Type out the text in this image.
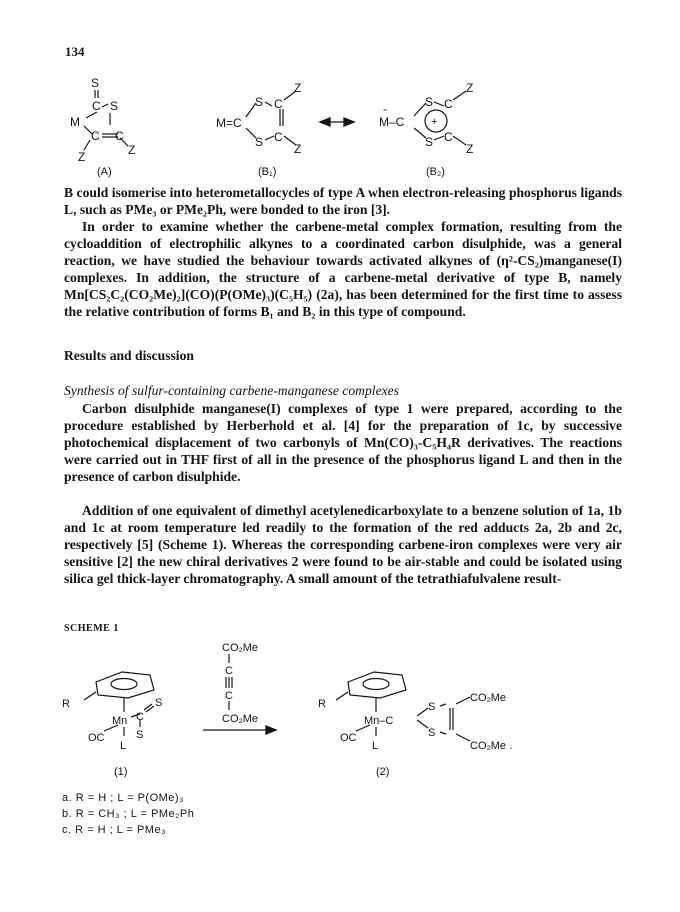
134
S
C S
M
C C
Z
Z
(A)
M=C
S C
Z
S C
Z
(B₁)
-
M–C
S C
Z
+
S C
Z
(B₂)

B could isomerise into heterometallocycles of type A when electron-releasing phosphorus ligands L, such as PMe₃ or PMe₂Ph, were bonded to the iron [3].

In order to examine whether the carbene-metal complex formation, resulting from the cycloaddition of electrophilic alkynes to a coordinated carbon disulphide, was a general reaction, we have studied the behaviour towards activated alkynes of (η²-CS₂)manganese(I) complexes. In addition, the structure of a carbene-metal derivative of type B, namely Mn[CS₂C₂(CO₂Me)₂](CO)(P(OMe)₃)(C₅H₅) (2a), has been determined for the first time to assess the relative contribution of forms B₁ and B₂ in this type of compound.

Results and discussion

Synthesis of sulfur-containing carbene-manganese complexes

Carbon disulphide manganese(I) complexes of type 1 were prepared, according to the procedure established by Herberhold et al. [4] for the preparation of 1c, by successive photochemical displacement of two carbonyls of Mn(CO)₃-C₅H₄R derivatives. The reactions were carried out in THF first of all in the presence of the phosphorus ligand L and then in the presence of carbon disulphide.

Addition of one equivalent of dimethyl acetylenedicarboxylate to a benzene solution of 1a, 1b and 1c at room temperature led readily to the formation of the red adducts 2a, 2b and 2c, respectively [5] (Scheme 1). Whereas the corresponding carbene-iron complexes were very air sensitive [2] the new chiral derivatives 2 were found to be air-stable and could be isolated using silica gel thick-layer chromatography. A small amount of the tetrathiafulvalene result-

SCHEME 1
R
Mn C
S
S
OC
L
(1)
CO₂Me
C
C
CO₂Me
R
Mn–C
S
S
OC
L
CO₂Me
CO₂Me .
(2)
a. R = H ; L = P(OMe)₃
b. R = CH₃ ; L = PMe₂Ph
c. R = H ; L = PMe₃
